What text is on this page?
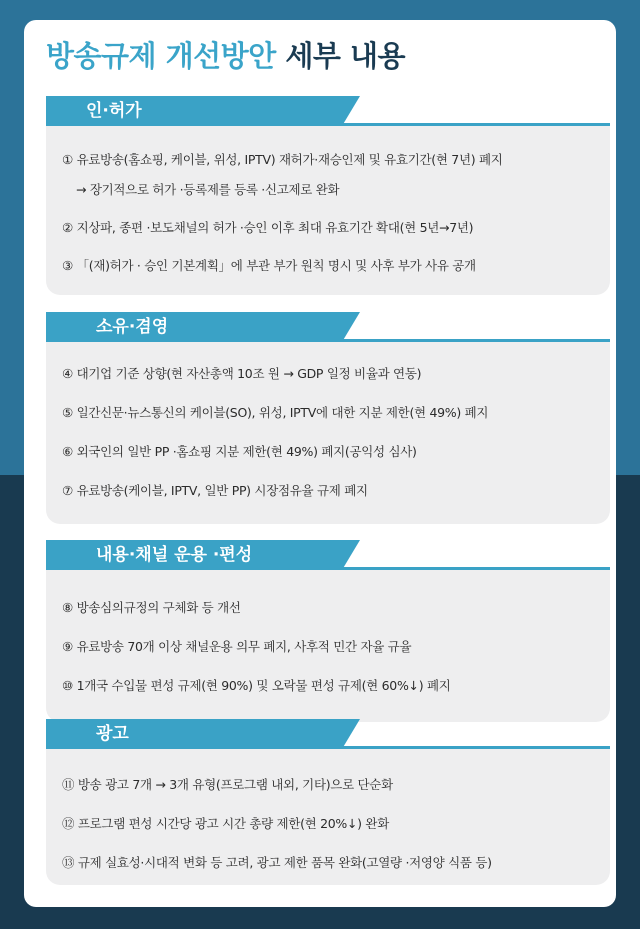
방송규제 개선방안 세부 내용
인·허가
① 유료방송(홈쇼핑, 케이블, 위성, IPTV) 재허가·재승인제 및 유효기간(현 7년) 폐지
→ 장기적으로 허가 ·등록제를 등록 ·신고제로 완화
② 지상파, 종편 ·보도채널의 허가 ·승인 이후 최대 유효기간 확대(현 5년→7년)
③ 「(재)허가 · 승인 기본계획」에 부관 부가 원칙 명시 및 사후 부가 사유 공개
소유·겸영
④ 대기업 기준 상향(현 자산총액 10조 원 → GDP 일정 비율과 연동)
⑤ 일간신문·뉴스통신의 케이블(SO), 위성, IPTV에 대한 지분 제한(현 49%) 폐지
⑥ 외국인의 일반 PP ·홈쇼핑 지분 제한(현 49%) 폐지(공익성 심사)
⑦ 유료방송(케이블, IPTV, 일반 PP) 시장점유율 규제 폐지
내용·채널 운용 ·편성
⑧ 방송심의규정의 구체화 등 개선
⑨ 유료방송 70개 이상 채널운용 의무 폐지, 사후적 민간 자율 규율
⑩ 1개국 수입물 편성 규제(현 90%) 및 오락물 편성 규제(현 60%↓) 폐지
광고
⑪ 방송 광고 7개 → 3개 유형(프로그램 내외, 기타)으로 단순화
⑫ 프로그램 편성 시간당 광고 시간 총량 제한(현 20%↓) 완화
⑬ 규제 실효성·시대적 변화 등 고려, 광고 제한 품목 완화(고열량 ·저영양 식품 등)
